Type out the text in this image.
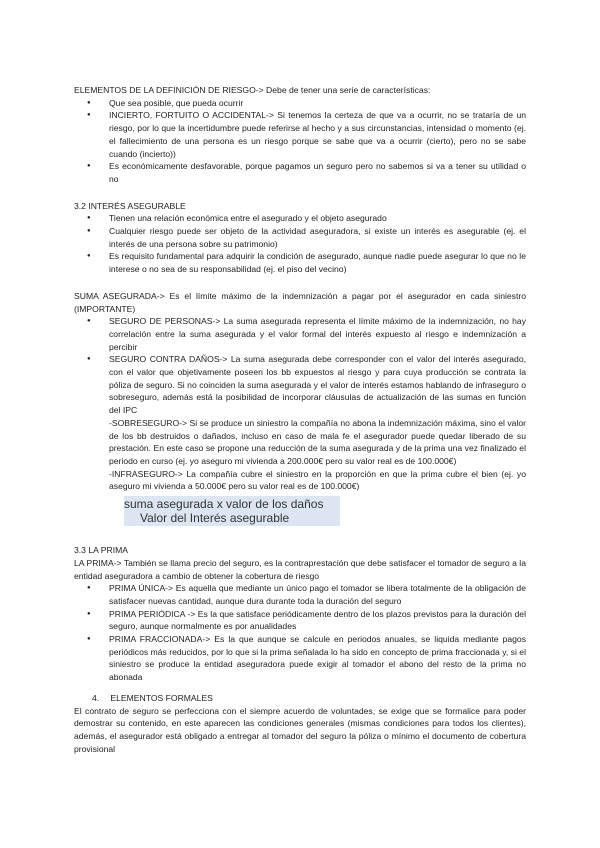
ELEMENTOS DE LA DEFINICIÓN DE RIESGO-> Debe de tener una serie de características:

● Que sea posible, que pueda ocurrir
● INCIERTO, FORTUITO O ACCIDENTAL-> Si tenemos la certeza de que va a ocurrir, no se trataría de un riesgo, por lo que la incertidumbre puede referirse al hecho y a sus circunstancias, intensidad o momento (ej. el fallecimiento de una persona es un riesgo porque se sabe que va a ocurrir (cierto), pero no se sabe cuando (incierto))
● Es económicamente desfavorable, porque pagamos un seguro pero no sabemos si va a tener su utilidad o no

3.2 INTERÉS ASEGURABLE

● Tienen una relación económica entre el asegurado y el objeto asegurado
● Cualquier riesgo puede ser objeto de la actividad aseguradora, si existe un interés es asegurable (ej. el interés de una persona sobre su patrimonio)
● Es requisito fundamental para adquirir la condición de asegurado, aunque nadie puede asegurar lo que no le interese o no sea de su responsabilidad (ej. el piso del vecino)

SUMA ASEGURADA-> Es el límite máximo de la indemnización a pagar por el asegurador en cada siniestro (IMPORTANTE)

● SEGURO DE PERSONAS-> La suma asegurada representa el límite máximo de la indemnización, no hay correlación entre la suma asegurada y el valor formal del interés expuesto al riesgo e indemnización a percibir
● SEGURO CONTRA DAÑOS-> La suma asegurada debe corresponder con el valor del interés asegurado, con el valor que objetivamente poseen los bb expuestos al riesgo y para cuya producción se contrata la póliza de seguro. Si no coinciden la suma asegurada y el valor de interés estamos hablando de infraseguro o sobreseguro, además está la posibilidad de incorporar cláusulas de actualización de las sumas en función del IPC
-SOBRESEGURO-> Si se produce un siniestro la compañía no abona la indemnización máxima, sino el valor de los bb destruidos o dañados, incluso en caso de mala fe el asegurador puede quedar liberado de su prestación. En este caso se propone una reducción de la suma asegurada y de la prima una vez finalizado el periodo en curso (ej. yo aseguro mi vivienda a 200.000€ pero su valor real es de 100.000€)
-INFRASEGURO-> La compañía cubre el siniestro en la proporción en que la prima cubre el bien (ej. yo aseguro mi vivienda a 50.000€ pero su valor real es de 100.000€)
suma asegurada x valor de los daños
Valor del Interés asegurable

3.3 LA PRIMA

LA PRIMA-> También se llama precio del seguro, es la contraprestación que debe satisfacer el tomador de seguro a la entidad aseguradora a cambio de obtener la cobertura de riesgo

● PRIMA ÚNICA-> Es aquella que mediante un único pago el tomador se libera totalmente de la obligación de satisfacer nuevas cantidad, aunque dura durante toda la duración del seguro
● PRIMA PERIÓDICA -> Es la que satisface periódicamente dentro de los plazos previstos para la duración del seguro, aunque normalmente es por anualidades
● PRIMA FRACCIONADA-> Es la que aunque se calcule en periodos anuales, se liquida mediante pagos periódicos más reducidos, por lo que si la prima señalada lo ha sido en concepto de prima fraccionada y, si el siniestro se produce la entidad aseguradora puede exigir al tomador el abono del resto de la prima no abonada

4. ELEMENTOS FORMALES

El contrato de seguro se perfecciona con el siempre acuerdo de voluntades, se exige que se formalice para poder demostrar su contenido, en este aparecen las condiciones generales (mismas condiciones para todos los clientes), además, el asegurador está obligado a entregar al tomador del seguro la póliza o mínimo el documento de cobertura provisional
